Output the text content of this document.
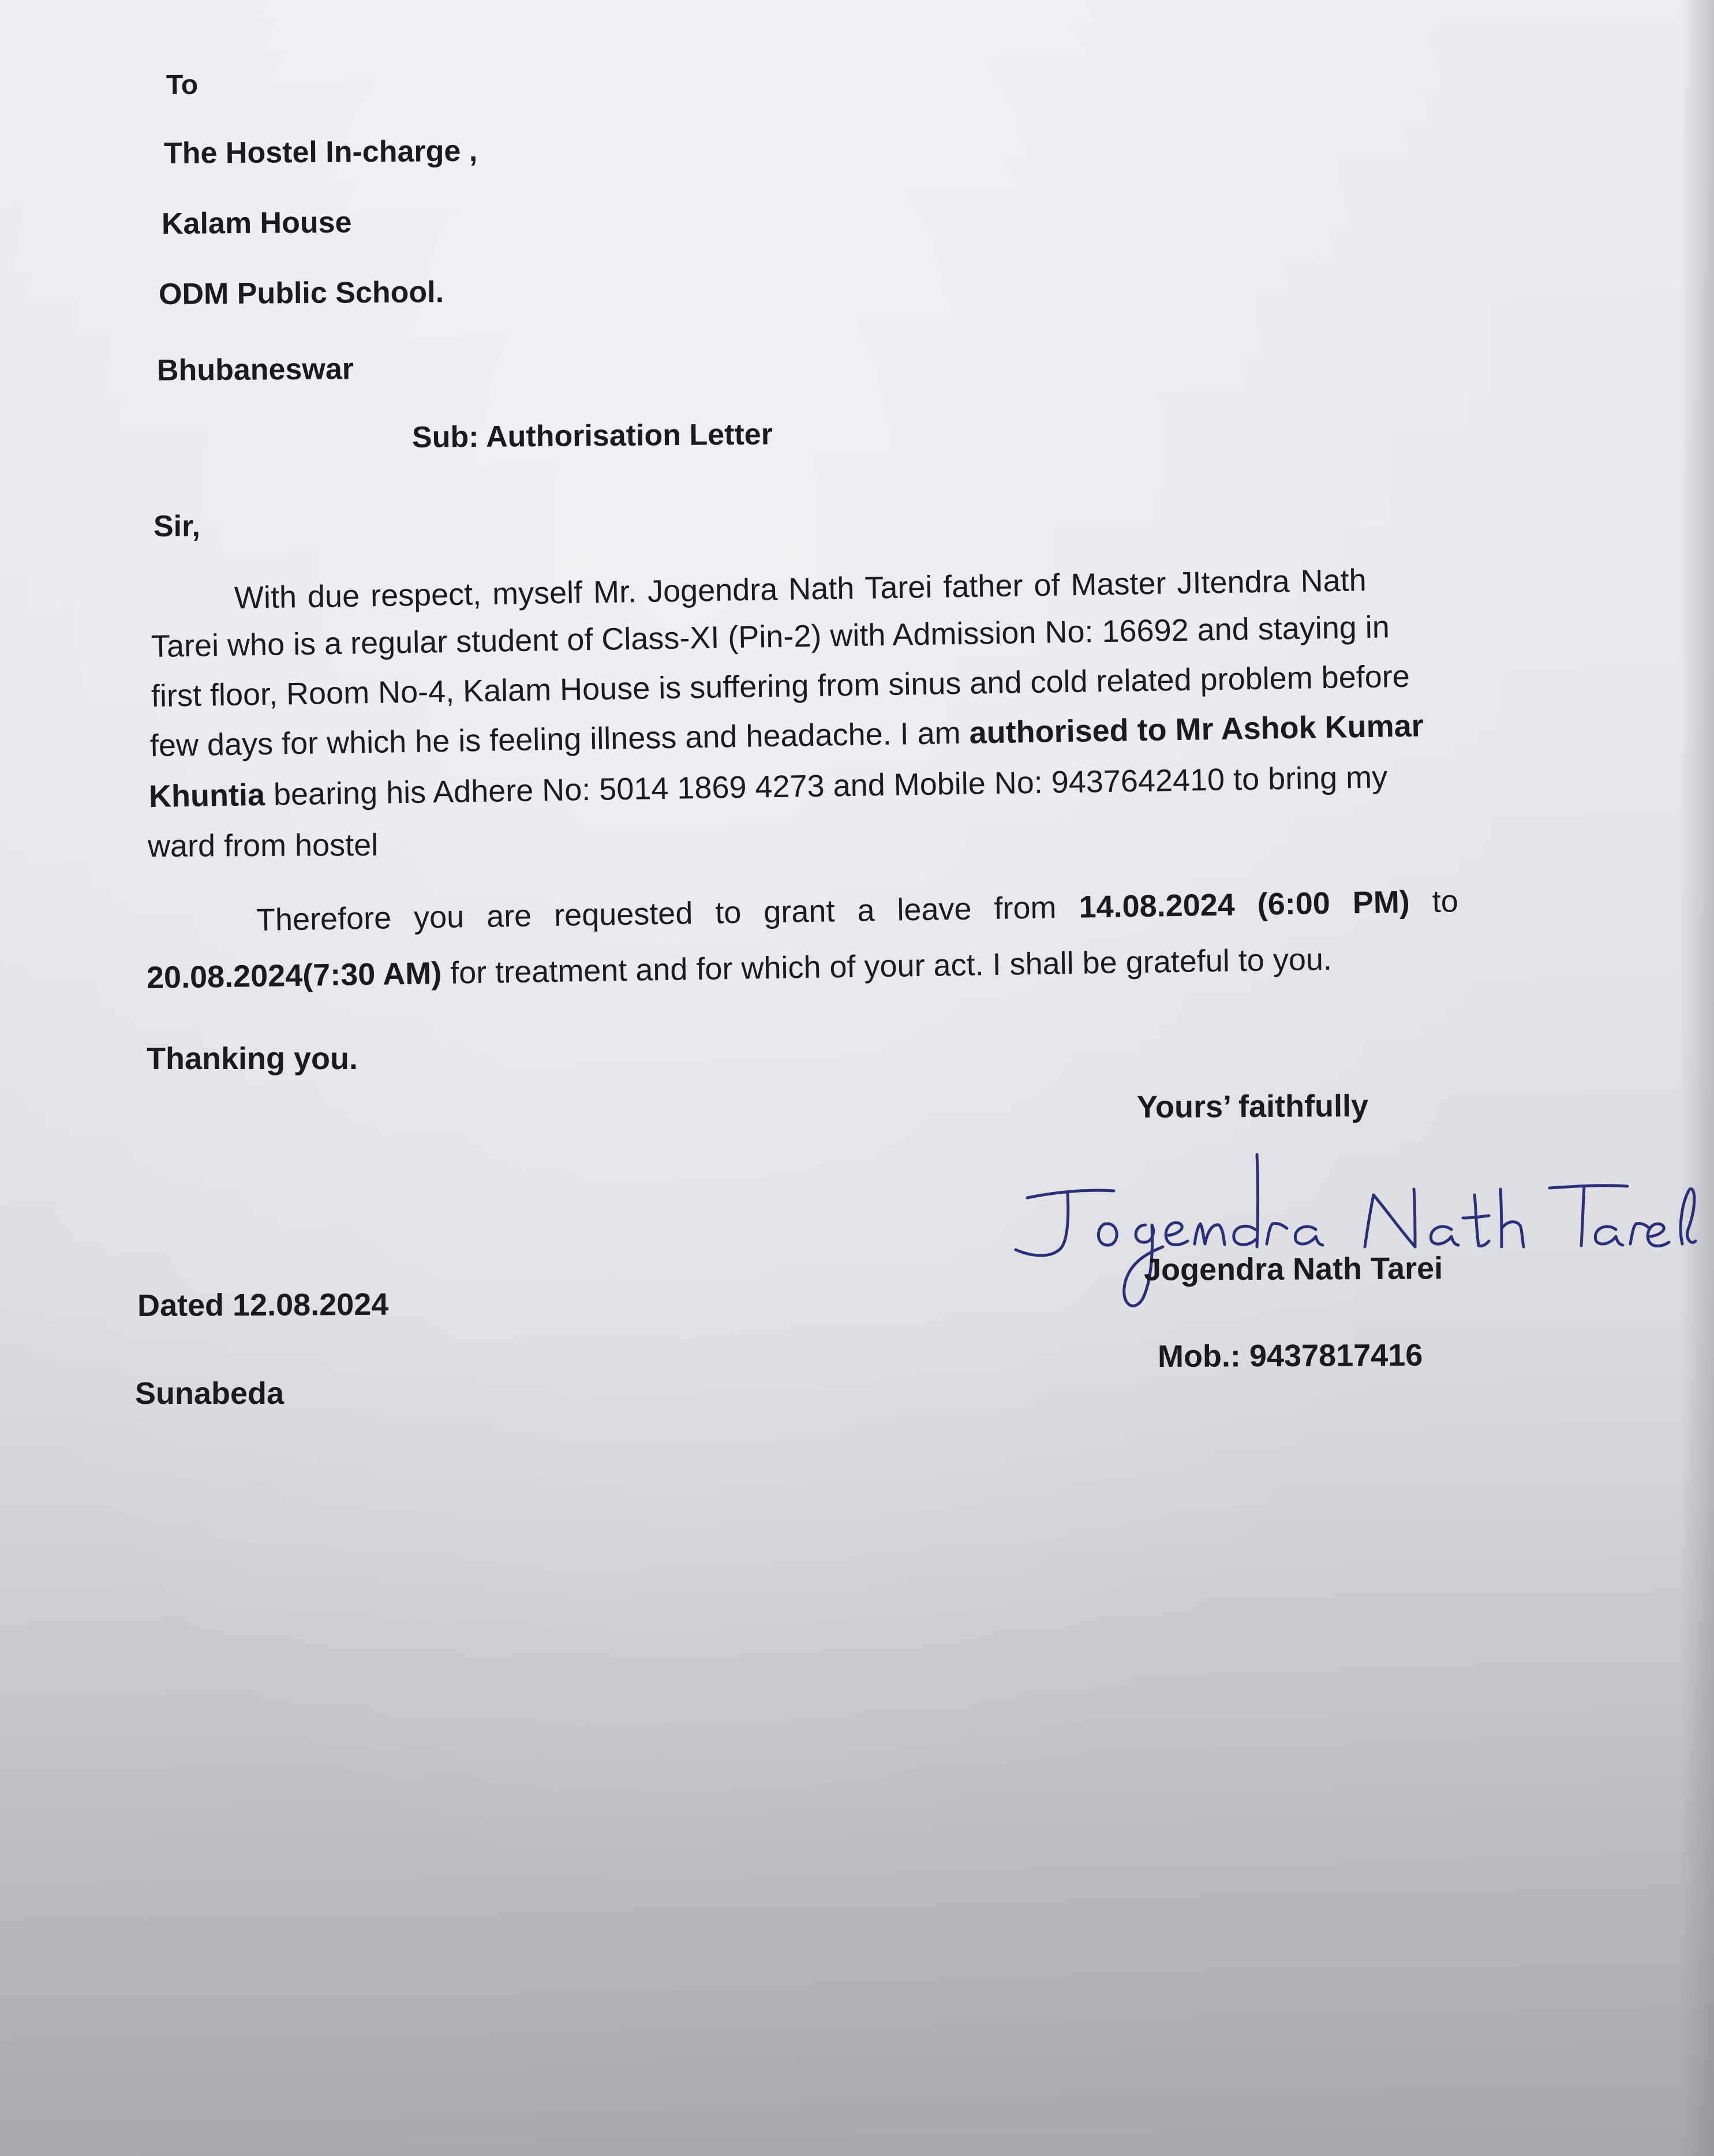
To

The Hostel In-charge ,

Kalam House

ODM Public School.

Bhubaneswar

Sub: Authorisation Letter

Sir,

With due respect, myself Mr. Jogendra Nath Tarei father of Master JItendra Nath

Tarei who is a regular student of Class-XI (Pin-2) with Admission No: 16692 and staying in

first floor, Room No-4, Kalam House is suffering from sinus and cold related problem before

few days for which he is feeling illness and headache. I am authorised to Mr Ashok Kumar

Khuntia bearing his Adhere No: 5014 1869 4273 and Mobile No: 9437642410 to bring my

ward from hostel

Therefore you are requested to grant a leave from 14.08.2024 (6:00 PM) to

20.08.2024(7:30 AM) for treatment and for which of your act. I shall be grateful to you.

Thanking you.

Yours’ faithfully

Jogendra Nath Tarei

Mob.: 9437817416

Dated 12.08.2024

Sunabeda
